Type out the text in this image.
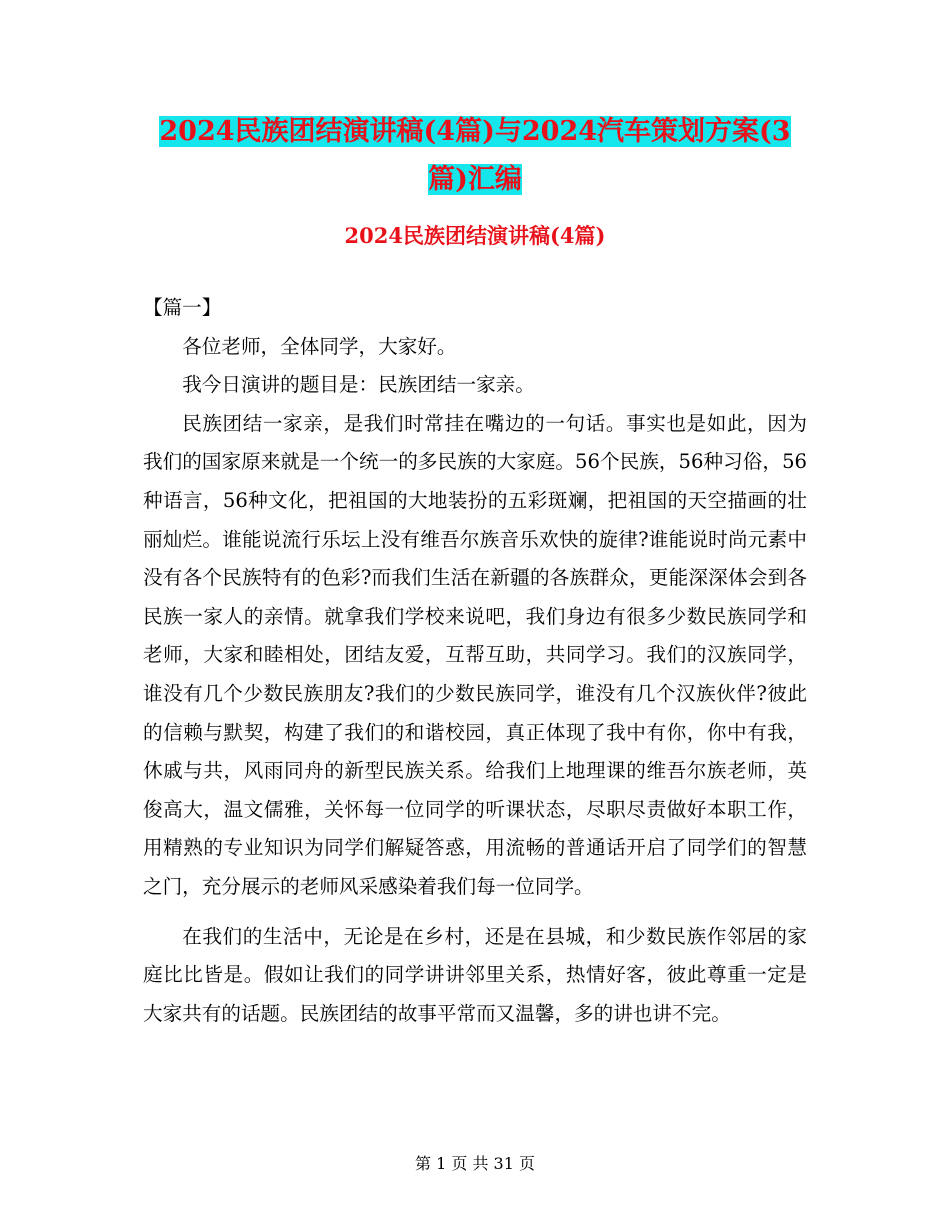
2024民族团结演讲稿(4篇)与2024汽车策划方案(3篇)汇编
2024民族团结演讲稿(4篇)

【篇一】

各位老师，全体同学，大家好。

我今日演讲的题目是：民族团结一家亲。

民族团结一家亲，是我们时常挂在嘴边的一句话。事实也是如此，因为我们的国家原来就是一个统一的多民族的大家庭。56个民族，56种习俗，56种语言，56种文化，把祖国的大地装扮的五彩斑斓，把祖国的天空描画的壮丽灿烂。谁能说流行乐坛上没有维吾尔族音乐欢快的旋律?谁能说时尚元素中没有各个民族特有的色彩?而我们生活在新疆的各族群众，更能深深体会到各民族一家人的亲情。就拿我们学校来说吧，我们身边有很多少数民族同学和老师，大家和睦相处，团结友爱，互帮互助，共同学习。我们的汉族同学，谁没有几个少数民族朋友?我们的少数民族同学，谁没有几个汉族伙伴?彼此的信赖与默契，构建了我们的和谐校园，真正体现了我中有你，你中有我，休戚与共，风雨同舟的新型民族关系。给我们上地理课的维吾尔族老师，英俊高大，温文儒雅，关怀每一位同学的听课状态，尽职尽责做好本职工作，用精熟的专业知识为同学们解疑答惑，用流畅的普通话开启了同学们的智慧之门，充分展示的老师风采感染着我们每一位同学。

在我们的生活中，无论是在乡村，还是在县城，和少数民族作邻居的家庭比比皆是。假如让我们的同学讲讲邻里关系，热情好客，彼此尊重一定是大家共有的话题。民族团结的故事平常而又温馨，多的讲也讲不完。

第 1 页 共 31 页
